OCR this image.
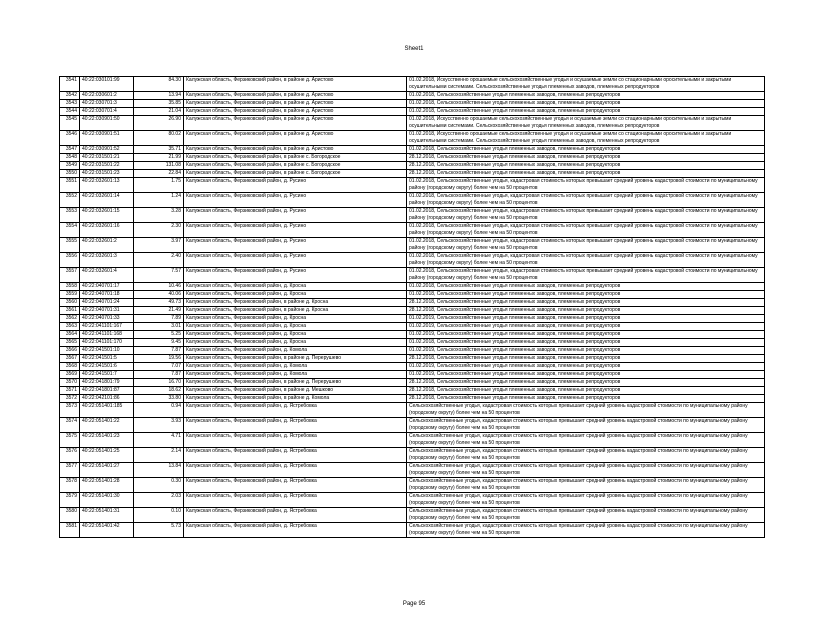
Sheet1
3541	40:22:030101:99	84.30	Калужская область, Ферзиковский район, в районе д. Аристово	01.02.2018, Искусственно орошаемые сельскохозяйственные угодья и осушаемые земли со стационарными оросительными и закрытыми осушительными системами. Сельскохозяйственные угодья племенных заводов, племенных репродукторов
3542	40:22:030601:2	13.94	Калужская область, Ферзиковский район, в районе д. Аристово	01.02.2018, Сельскохозяйственные угодья племенных заводов, племенных репродукторов
3543	40:22:030701:3	35.85	Калужская область, Ферзиковский район, в районе д. Аристово	01.02.2018, Сельскохозяйственные угодья племенных заводов, племенных репродукторов
3544	40:22:030701:4	21.04	Калужская область, Ферзиковский район, в районе д. Аристово	01.02.2018, Сельскохозяйственные угодья племенных заводов, племенных репродукторов
3545	40:22:030901:50	26.90	Калужская область, Ферзиковский район, в районе д. Аристово	01.02.2018, Искусственно орошаемые сельскохозяйственные угодья и осушаемые земли со стационарными оросительными и закрытыми осушительными системами. Сельскохозяйственные угодья племенных заводов, племенных репродукторов
3546	40:22:030901:51	80.02	Калужская область, Ферзиковский район, в районе д. Аристово	01.02.2018, Искусственно орошаемые сельскохозяйственные угодья и осушаемые земли со стационарными оросительными и закрытыми осушительными системами. Сельскохозяйственные угодья племенных заводов, племенных репродукторов
3547	40:22:030901:52	35.71	Калужская область, Ферзиковский район, в районе д. Аристово	01.02.2018, Сельскохозяйственные угодья племенных заводов, племенных репродукторов
3548	40:22:031501:21	21.99	Калужская область, Ферзиковский район, в районе с. Богородское	28.12.2018, Сельскохозяйственные угодья племенных заводов, племенных репродукторов
3549	40:22:031501:22	131.08	Калужская область, Ферзиковский район, в районе с. Богородское	28.12.2018, Сельскохозяйственные угодья племенных заводов, племенных репродукторов
3550	40:22:031501:23	22.84	Калужская область, Ферзиковский район, в районе с. Богородское	28.12.2018, Сельскохозяйственные угодья племенных заводов, племенных репродукторов
3551	40:22:032601:13	1.75	Калужская область, Ферзиковский район, д. Русино	01.02.2018, Сельскохозяйственные угодья, кадастровая стоимость которых превышает средний уровень кадастровой стоимости по муниципальному району (городскому округу) более чем на 50 процентов
3552	40:22:032601:14	1.24	Калужская область, Ферзиковский район, д. Русино	01.02.2018, Сельскохозяйственные угодья, кадастровая стоимость которых превышает средний уровень кадастровой стоимости по муниципальному району (городскому округу) более чем на 50 процентов
3553	40:22:032601:15	3.28	Калужская область, Ферзиковский район, д. Русино	01.02.2018, Сельскохозяйственные угодья, кадастровая стоимость которых превышает средний уровень кадастровой стоимости по муниципальному району (городскому округу) более чем на 50 процентов
3554	40:22:032601:16	2.30	Калужская область, Ферзиковский район, д. Русино	01.02.2018, Сельскохозяйственные угодья, кадастровая стоимость которых превышает средний уровень кадастровой стоимости по муниципальному району (городскому округу) более чем на 50 процентов
3555	40:22:032601:2	3.97	Калужская область, Ферзиковский район, д. Русино	01.02.2018, Сельскохозяйственные угодья, кадастровая стоимость которых превышает средний уровень кадастровой стоимости по муниципальному району (городскому округу) более чем на 50 процентов
3556	40:22:032601:3	2.40	Калужская область, Ферзиковский район, д. Русино	01.02.2018, Сельскохозяйственные угодья, кадастровая стоимость которых превышает средний уровень кадастровой стоимости по муниципальному району (городскому округу) более чем на 50 процентов
3557	40:22:032601:4	7.57	Калужская область, Ферзиковский район, д. Русино	01.02.2018, Сельскохозяйственные угодья, кадастровая стоимость которых превышает средний уровень кадастровой стоимости по муниципальному району (городскому округу) более чем на 50 процентов
3558	40:22:040701:17	10.46	Калужская область, Ферзиковский район, д. Кросна	01.02.2018, Сельскохозяйственные угодья племенных заводов, племенных репродукторов
3559	40:22:040701:18	40.06	Калужская область, Ферзиковский район, д. Кросна	01.02.2018, Сельскохозяйственные угодья племенных заводов, племенных репродукторов
3560	40:22:040701:24	49.73	Калужская область, Ферзиковский район, в районе д. Кросна	28.12.2018, Сельскохозяйственные угодья племенных заводов, племенных репродукторов
3561	40:22:040701:31	21.49	Калужская область, Ферзиковский район, в районе д. Кросна	28.12.2018, Сельскохозяйственные угодья племенных заводов, племенных репродукторов
3562	40:22:040701:33	7.89	Калужская область, Ферзиковский район, д. Кросна	01.02.2019, Сельскохозяйственные угодья племенных заводов, племенных репродукторов
3563	40:22:041101:167	3.01	Калужская область, Ферзиковский район, д. Кросна	01.02.2019, Сельскохозяйственные угодья племенных заводов, племенных репродукторов
3564	40:22:041101:168	5.25	Калужская область, Ферзиковский район, д. Кросна	01.02.2019, Сельскохозяйственные угодья племенных заводов, племенных репродукторов
3565	40:22:041101:170	9.45	Калужская область, Ферзиковский район, д. Кросна	01.02.2018, Сельскохозяйственные угодья племенных заводов, племенных репродукторов
3566	40:22:041501:10	7.87	Калужская область, Ферзиковский район, д. Комола	01.02.2019, Сельскохозяйственные угодья племенных заводов, племенных репродукторов
3567	40:22:041501:5	19.56	Калужская область, Ферзиковский район, в районе д. Перерушево	28.12.2018, Сельскохозяйственные угодья племенных заводов, племенных репродукторов
3568	40:22:041501:6	7.07	Калужская область, Ферзиковский район, д. Комола	01.02.2019, Сельскохозяйственные угодья племенных заводов, племенных репродукторов
3569	40:22:041501:7	7.87	Калужская область, Ферзиковский район, д. Комола	01.02.2019, Сельскохозяйственные угодья племенных заводов, племенных репродукторов
3570	40:22:041801:79	16.70	Калужская область, Ферзиковский район, в районе д. Перерушево	28.12.2018, Сельскохозяйственные угодья племенных заводов, племенных репродукторов
3571	40:22:041801:87	18.62	Калужская область, Ферзиковский район, в районе д. Мешково	28.12.2018, Сельскохозяйственные угодья племенных заводов, племенных репродукторов
3572	40:22:042101:86	33.80	Калужская область, Ферзиковский район, в районе д. Комола	28.12.2018, Сельскохозяйственные угодья племенных заводов, племенных репродукторов
3573	40:22:051401:185	0.94	Калужская область, Ферзиковский район, д. Ястребовка	Сельскохозяйственные угодья, кадастровая стоимость которых превышает средний уровень кадастровой стоимости по муниципальному району (городскому округу) более чем на 50 процентов
3574	40:22:051401:22	3.93	Калужская область, Ферзиковский район, д. Ястребовка	Сельскохозяйственные угодья, кадастровая стоимость которых превышает средний уровень кадастровой стоимости по муниципальному району (городскому округу) более чем на 50 процентов
3575	40:22:051401:23	4.71	Калужская область, Ферзиковский район, д. Ястребовка	Сельскохозяйственные угодья, кадастровая стоимость которых превышает средний уровень кадастровой стоимости по муниципальному району (городскому округу) более чем на 50 процентов
3576	40:22:051401:25	2.14	Калужская область, Ферзиковский район, д. Ястребовка	Сельскохозяйственные угодья, кадастровая стоимость которых превышает средний уровень кадастровой стоимости по муниципальному району (городскому округу) более чем на 50 процентов
3577	40:22:051401:27	13.84	Калужская область, Ферзиковский район, д. Ястребовка	Сельскохозяйственные угодья, кадастровая стоимость которых превышает средний уровень кадастровой стоимости по муниципальному району (городскому округу) более чем на 50 процентов
3578	40:22:051401:28	0.30	Калужская область, Ферзиковский район, д. Ястребовка	Сельскохозяйственные угодья, кадастровая стоимость которых превышает средний уровень кадастровой стоимости по муниципальному району (городскому округу) более чем на 50 процентов
3579	40:22:051401:30	2.03	Калужская область, Ферзиковский район, д. Ястребовка	Сельскохозяйственные угодья, кадастровая стоимость которых превышает средний уровень кадастровой стоимости по муниципальному району (городскому округу) более чем на 50 процентов
3580	40:22:051401:31	0.10	Калужская область, Ферзиковский район, д. Ястребовка	Сельскохозяйственные угодья, кадастровая стоимость которых превышает средний уровень кадастровой стоимости по муниципальному району (городскому округу) более чем на 50 процентов
3581	40:22:051401:42	5.73	Калужская область, Ферзиковский район, д. Ястребовка	Сельскохозяйственные угодья, кадастровая стоимость которых превышает средний уровень кадастровой стоимости по муниципальному району (городскому округу) более чем на 50 процентов
Page 95
